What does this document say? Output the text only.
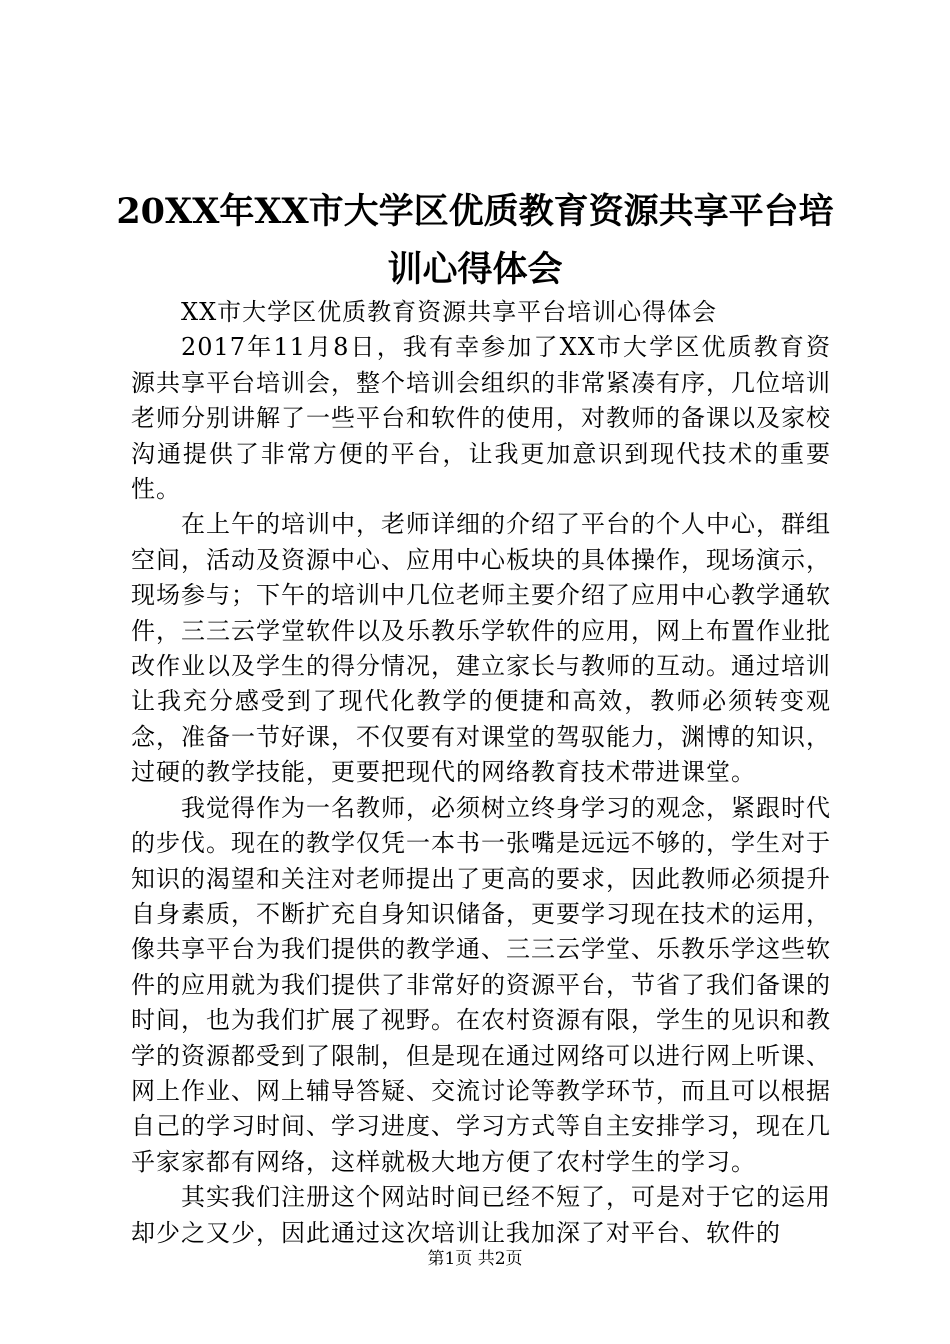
20XX年XX市大学区优质教育资源共享平台培
训心得体会

XX市大学区优质教育资源共享平台培训心得体会

2017年11月8日，我有幸参加了XX市大学区优质教育资源共享平台培训会，整个培训会组织的非常紧凑有序，几位培训老师分别讲解了一些平台和软件的使用，对教师的备课以及家校沟通提供了非常方便的平台，让我更加意识到现代技术的重要性。

在上午的培训中，老师详细的介绍了平台的个人中心，群组空间，活动及资源中心、应用中心板块的具体操作，现场演示，现场参与；下午的培训中几位老师主要介绍了应用中心教学通软件，三三云学堂软件以及乐教乐学软件的应用，网上布置作业批改作业以及学生的得分情况，建立家长与教师的互动。通过培训让我充分感受到了现代化教学的便捷和高效，教师必须转变观念，准备一节好课，不仅要有对课堂的驾驭能力，渊博的知识，过硬的教学技能，更要把现代的网络教育技术带进课堂。

我觉得作为一名教师，必须树立终身学习的观念，紧跟时代的步伐。现在的教学仅凭一本书一张嘴是远远不够的，学生对于知识的渴望和关注对老师提出了更高的要求，因此教师必须提升自身素质，不断扩充自身知识储备，更要学习现在技术的运用，像共享平台为我们提供的教学通、三三云学堂、乐教乐学这些软件的应用就为我们提供了非常好的资源平台，节省了我们备课的时间，也为我们扩展了视野。在农村资源有限，学生的见识和教学的资源都受到了限制，但是现在通过网络可以进行网上听课、网上作业、网上辅导答疑、交流讨论等教学环节，而且可以根据自己的学习时间、学习进度、学习方式等自主安排学习，现在几乎家家都有网络，这样就极大地方便了农村学生的学习。

其实我们注册这个网站时间已经不短了，可是对于它的运用却少之又少，因此通过这次培训让我加深了对平台、软件的

第1页 共2页
